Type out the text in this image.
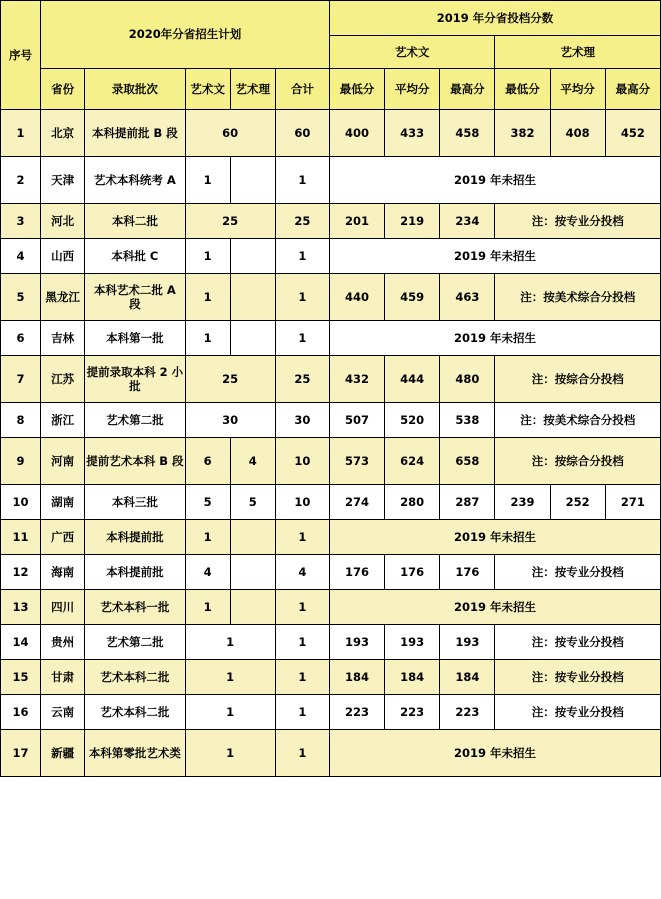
序号	2020年分省招生计划					2019 年分省投档分数					
						艺术文			艺术理		
	省份	录取批次	艺术文	艺术理	合计	最低分	平均分	最高分	最低分	平均分	最高分
1	北京	本科提前批 B 段	60		60	400	433	458	382	408	452
2	天津	艺术本科统考 A	1		1	2019 年未招生					
3	河北	本科二批	25		25	201	219	234	注：按专业分投档		
4	山西	本科批 C	1		1	2019 年未招生					
5	黑龙江	本科艺术二批 A 段	1		1	440	459	463	注：按美术综合分投档		
6	吉林	本科第一批	1		1	2019 年未招生					
7	江苏	提前录取本科 2 小批	25		25	432	444	480	注：按综合分投档		
8	浙江	艺术第二批	30		30	507	520	538	注：按美术综合分投档		
9	河南	提前艺术本科 B 段	6	4	10	573	624	658	注：按综合分投档		
10	湖南	本科三批	5	5	10	274	280	287	239	252	271
11	广西	本科提前批	1		1	2019 年未招生					
12	海南	本科提前批	4		4	176	176	176	注：按专业分投档		
13	四川	艺术本科一批	1		1	2019 年未招生					
14	贵州	艺术第二批	1		1	193	193	193	注：按专业分投档		
15	甘肃	艺术本科二批	1		1	184	184	184	注：按专业分投档		
16	云南	艺术本科二批	1		1	223	223	223	注：按专业分投档		
17	新疆	本科第零批艺术类	1		1	2019 年未招生					
